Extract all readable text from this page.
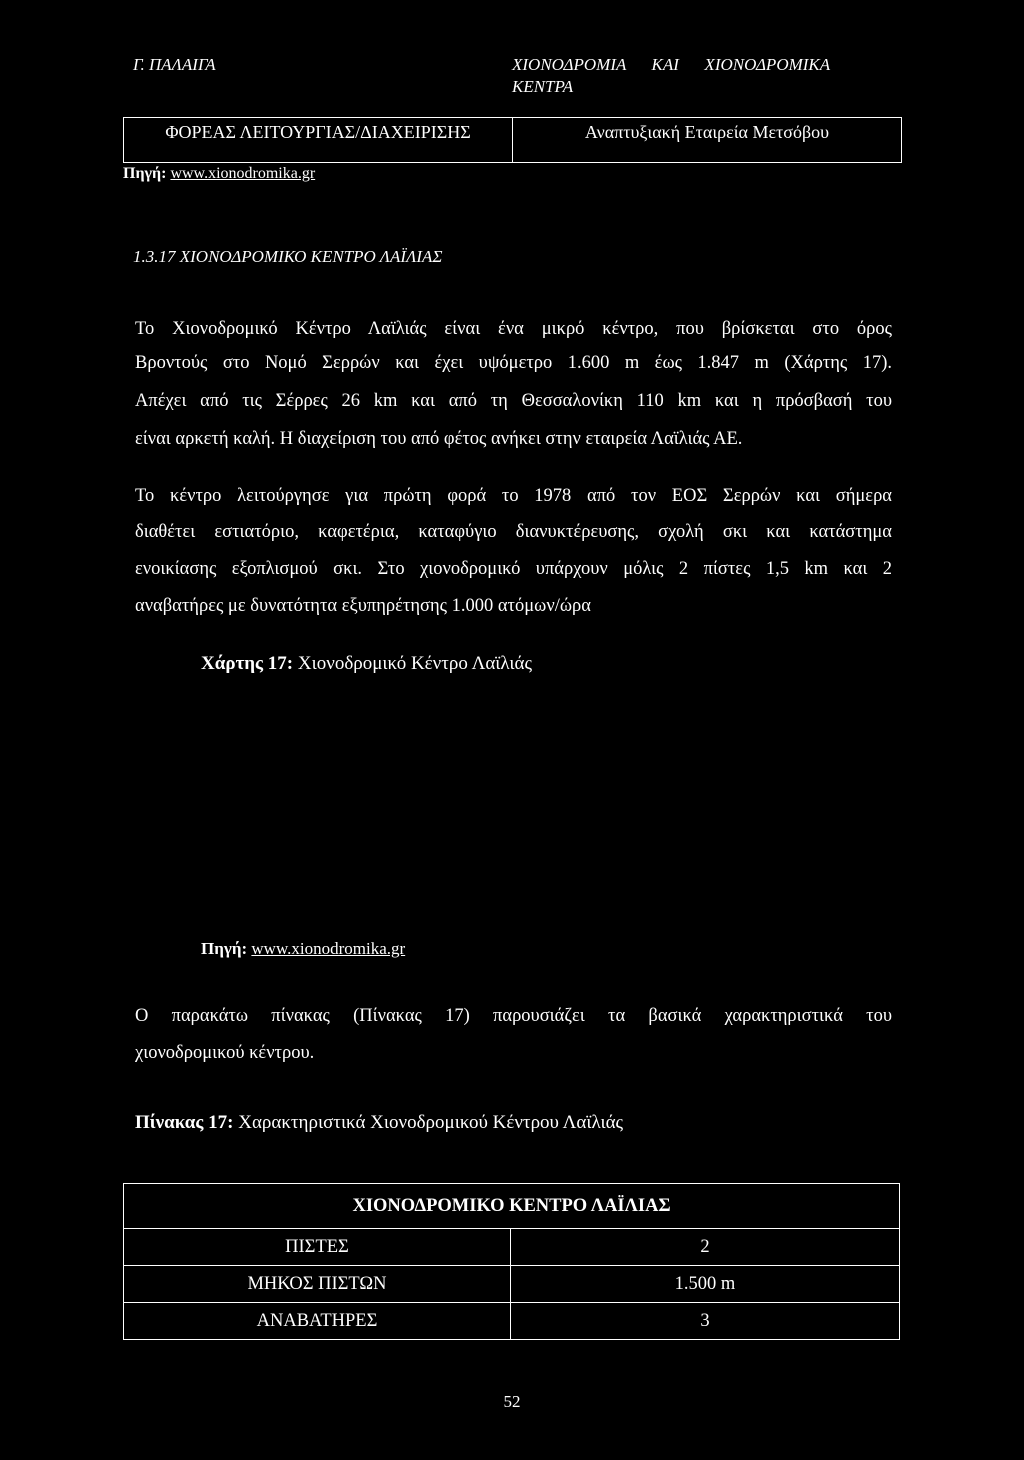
Γ. ΠΑΛΑΙΓΑ	ΧΙΟΝΟΔΡΟΜΙΑ      ΚΑΙ      ΧΙΟΝΟΔΡΟΜΙΚΑ
ΚΕΝΤΡΑ
ΦΟΡΕΑΣ ΛΕΙΤΟΥΡΓΙΑΣ/ΔΙΑΧΕΙΡΙΣΗΣ	Αναπτυξιακή Εταιρεία Μετσόβου
Πηγή: www.xionodromika.gr
1.3.17 ΧΙΟΝΟΔΡΟΜΙΚΟ ΚΕΝΤΡΟ ΛΑΪΛΙΑΣ
Το Χιονοδρομικό Κέντρο Λαϊλιάς είναι ένα μικρό κέντρο, που βρίσκεται στο όρος
Βροντούς στο Νομό Σερρών και έχει υψόμετρο 1.600 m έως 1.847 m (Χάρτης 17).
Απέχει από τις Σέρρες 26 km και από τη Θεσσαλονίκη 110 km και η πρόσβασή του
είναι αρκετή καλή. Η διαχείριση του από φέτος ανήκει στην εταιρεία Λαϊλιάς ΑΕ.
Το κέντρο λειτούργησε για πρώτη φορά το 1978 από τον ΕΟΣ Σερρών και σήμερα
διαθέτει εστιατόριο, καφετέρια, καταφύγιο διανυκτέρευσης, σχολή σκι και κατάστημα
ενοικίασης εξοπλισμού σκι. Στο χιονοδρομικό υπάρχουν μόλις 2 πίστες 1,5 km και 2
αναβατήρες με δυνατότητα εξυπηρέτησης 1.000 ατόμων/ώρα
Χάρτης 17: Χιονοδρομικό Κέντρο Λαϊλιάς
Πηγή: www.xionodromika.gr
Ο παρακάτω πίνακας (Πίνακας 17) παρουσιάζει τα βασικά χαρακτηριστικά του
χιονοδρομικού κέντρου.
Πίνακας 17: Χαρακτηριστικά Χιονοδρομικού Κέντρου Λαϊλιάς
ΧΙΟΝΟΔΡΟΜΙΚΟ ΚΕΝΤΡΟ ΛΑΪΛΙΑΣ	
ΠΙΣΤΕΣ	2
ΜΗΚΟΣ ΠΙΣΤΩΝ	1.500 m
ΑΝΑΒΑΤΗΡΕΣ	3
52
